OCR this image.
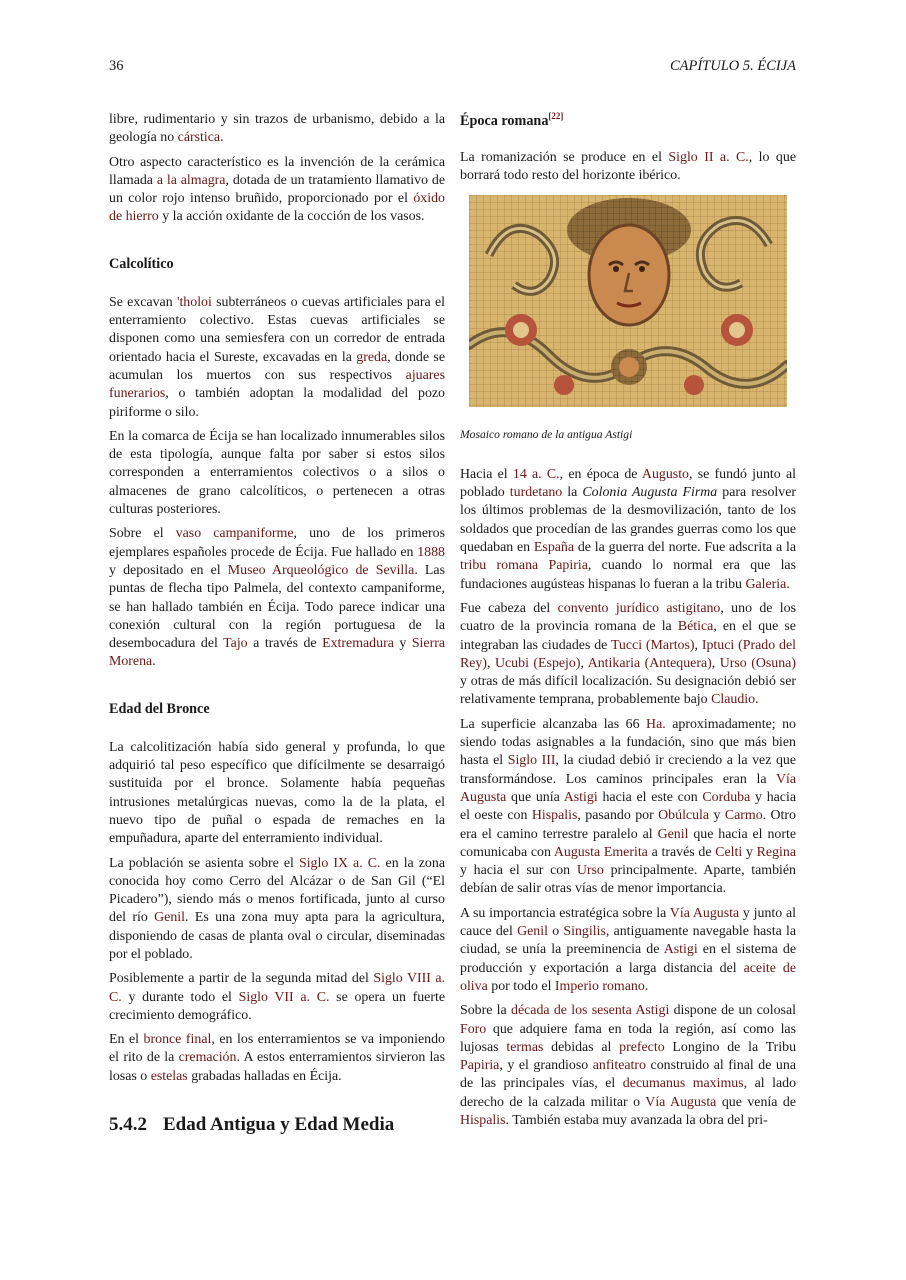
36	CAPÍTULO 5. ÉCIJA

libre, rudimentario y sin trazos de urbanismo, debido a la geología no cárstica.

Otro aspecto característico es la invención de la cerámica llamada a la almagra, dotada de un tratamiento llamativo de un color rojo intenso bruñido, proporcionado por el óxido de hierro y la acción oxidante de la cocción de los vasos.

Calcolítico

Se excavan 'tholoi subterráneos o cuevas artificiales para el enterramiento colectivo. Estas cuevas artificiales se disponen como una semiesfera con un corredor de entrada orientado hacia el Sureste, excavadas en la greda, donde se acumulan los muertos con sus respectivos ajuares funerarios, o también adoptan la modalidad del pozo piriforme o silo.

En la comarca de Écija se han localizado innumerables silos de esta tipología, aunque falta por saber si estos silos corresponden a enterramientos colectivos o a silos o almacenes de grano calcolíticos, o pertenecen a otras culturas posteriores.

Sobre el vaso campaniforme, uno de los primeros ejemplares españoles procede de Écija. Fue hallado en 1888 y depositado en el Museo Arqueológico de Sevilla. Las puntas de flecha tipo Palmela, del contexto campaniforme, se han hallado también en Écija. Todo parece indicar una conexión cultural con la región portuguesa de la desembocadura del Tajo a través de Extremadura y Sierra Morena.

Edad del Bronce

La calcolitización había sido general y profunda, lo que adquirió tal peso específico que difícilmente se desarraigó sustituida por el bronce. Solamente había pequeñas intrusiones metalúrgicas nuevas, como la de la plata, el nuevo tipo de puñal o espada de remaches en la empuñadura, aparte del enterramiento individual.

La población se asienta sobre el Siglo IX a. C. en la zona conocida hoy como Cerro del Alcázar o de San Gil (“El Picadero”), siendo más o menos fortificada, junto al curso del río Genil. Es una zona muy apta para la agricultura, disponiendo de casas de planta oval o circular, diseminadas por el poblado.

Posiblemente a partir de la segunda mitad del Siglo VIII a. C. y durante todo el Siglo VII a. C. se opera un fuerte crecimiento demográfico.

En el bronce final, en los enterramientos se va imponiendo el rito de la cremación. A estos enterramientos sirvieron las losas o estelas grabadas halladas en Écija.

5.4.2 Edad Antigua y Edad Media
Época romana[22]

La romanización se produce en el Siglo II a. C., lo que borrará todo resto del horizonte ibérico.

Mosaico romano de la antigua Astigi

Hacia el 14 a. C., en época de Augusto, se fundó junto al poblado turdetano la Colonia Augusta Firma para resolver los últimos problemas de la desmovilización, tanto de los soldados que procedían de las grandes guerras como los que quedaban en España de la guerra del norte. Fue adscrita a la tribu romana Papiria, cuando lo normal era que las fundaciones augústeas hispanas lo fueran a la tribu Galeria.

Fue cabeza del convento jurídico astigitano, uno de los cuatro de la provincia romana de la Bética, en el que se integraban las ciudades de Tucci (Martos), Iptuci (Prado del Rey), Ucubi (Espejo), Antikaria (Antequera), Urso (Osuna) y otras de más difícil localización. Su designación debió ser relativamente temprana, probablemente bajo Claudio.

La superficie alcanzaba las 66 Ha. aproximadamente; no siendo todas asignables a la fundación, sino que más bien hasta el Siglo III, la ciudad debió ir creciendo a la vez que transformándose. Los caminos principales eran la Vía Augusta que unía Astigi hacia el este con Corduba y hacia el oeste con Hispalis, pasando por Obúlcula y Carmo. Otro era el camino terrestre paralelo al Genil que hacia el norte comunicaba con Augusta Emerita a través de Celti y Regina y hacia el sur con Urso principalmente. Aparte, también debían de salir otras vías de menor importancia.

A su importancia estratégica sobre la Vía Augusta y junto al cauce del Genil o Singilis, antiguamente navegable hasta la ciudad, se unía la preeminencia de Astigi en el sistema de producción y exportación a larga distancia del aceite de oliva por todo el Imperio romano.

Sobre la década de los sesenta Astigi dispone de un colosal Foro que adquiere fama en toda la región, así como las lujosas termas debidas al prefecto Longino de la Tribu Papiria, y el grandioso anfiteatro construido al final de una de las principales vías, el decumanus maximus, al lado derecho de la calzada militar o Vía Augusta que venía de Hispalis. También estaba muy avanzada la obra del pri-
